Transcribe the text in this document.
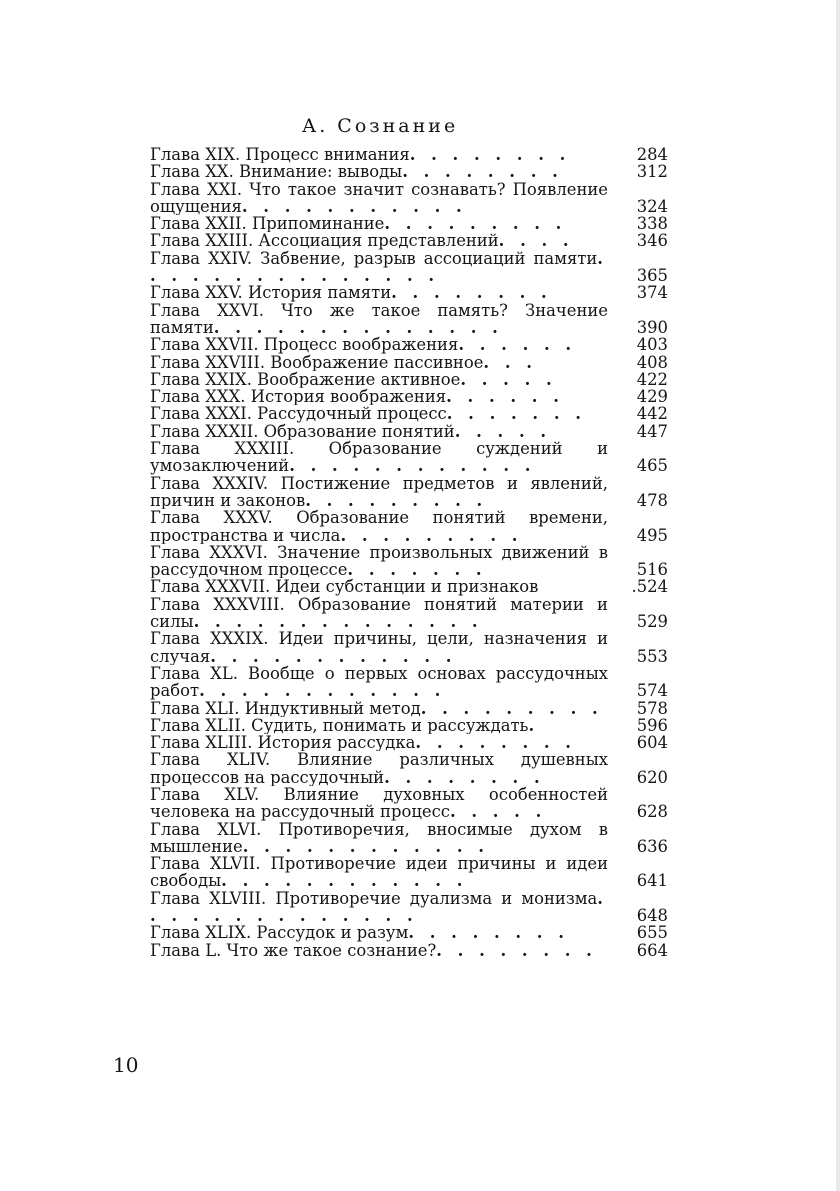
А. Сознание
Глава XIX. Процесс внимания. . . . . . . .	284
Глава XX. Внимание: выводы. . . . . . . .	312
Глава XXI. Что такое значит сознавать? Появление ощущения. . . . . . . . . . .	324
Глава XXII. Припоминание. . . . . . . . .	338
Глава XXIII. Ассоциация представлений. . . .	346
Глава XXIV. Забвение, разрыв ассоциаций памяти. . . . . . . . . . . . . . .	365
Глава XXV. История памяти. . . . . . . .	374
Глава XXVI. Что же такое память? Значение памяти. . . . . . . . . . . . . .	390
Глава XXVII. Процесс воображения. . . . . .	403
Глава XXVIII. Воображение пассивное. . .	408
Глава XXIX. Воображение активное. . . . .	422
Глава XXX. История воображения. . . . . .	429
Глава XXXI. Рассудочный процесс. . . . . . .	442
Глава XXXII. Образование понятий. . . . .	447
Глава XXXIII. Образование суждений и умозаключений. . . . . . . . . . . .	465
Глава XXXIV. Постижение предметов и явлений, причин и законов. . . . . . . . .	478
Глава XXXV. Образование понятий времени, пространства и числа. . . . . . . . .	495
Глава XXXVI. Значение произвольных движений в рассудочном процессе. . . . . . .	516
Глава XXXVII. Идеи субстанции и признаков	.524
Глава XXXVIII. Образование понятий материи и силы. . . . . . . . . . . . . .	529
Глава XXXIX. Идеи причины, цели, назначения и случая. . . . . . . . . . . .	553
Глава XL. Вообще о первых основах рассудочных работ. . . . . . . . . . . .	574
Глава XLI. Индуктивный метод. . . . . . . . .	578
Глава XLII. Судить, понимать и рассуждать.	596
Глава XLIII. История рассудка. . . . . . . .	604
Глава XLIV. Влияние различных душевных процессов на рассудочный. . . . . . . .	620
Глава XLV. Влияние духовных особенностей человека на рассудочный процесс. . . . .	628
Глава XLVI. Противоречия, вносимые духом в мышление. . . . . . . . . . . .	636
Глава XLVII. Противоречие идеи причины и идеи свободы. . . . . . . . . . . .	641
Глава XLVIII. Противоречие дуализма и монизма. . . . . . . . . . . . . .	648
Глава XLIX. Рассудок и разум. . . . . . . .	655
Глава L. Что же такое сознание?. . . . . . . .	664
10
